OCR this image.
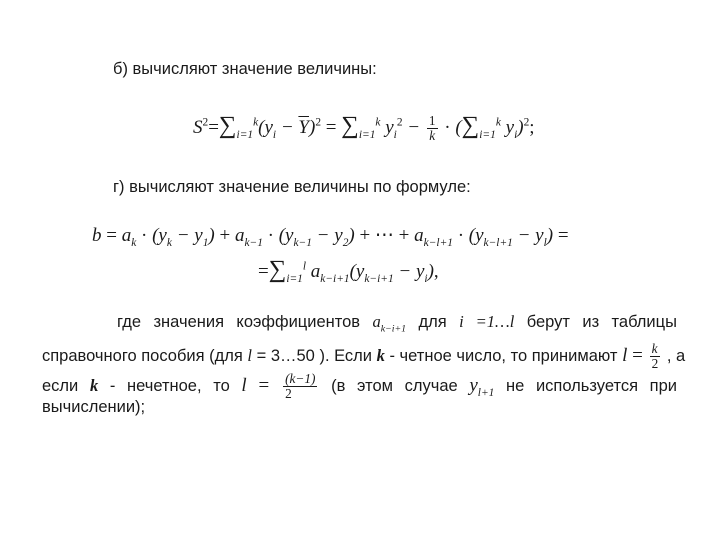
б) вычисляют значение величины:
$S^2=\sum_{i=1}^k(y_i - \overline{Y})^2 = \sum_{i=1}^k$ $y_i^2 - \frac{1}{k} \cdot (\sum_{i=1}^k$ $y_i)^2$;
г) вычисляют значение величины по формуле:
$b = a_k \cdot (y_k - y_1) + a_{k-1} \cdot (y_{k-1} - y_2)$ + ⋯ + $a_{k-l+1} \cdot (y_{k-l+1} - y_l)$ =
$=\sum_{i=1}^l$ $a_{k-i+1}(y_{k-i+1} - y_i)$,
где значения коэффициентов $a_{k-i+1}$ для i =1…l берут из таблицы
справочного пособия (для l = 3…50 ). Если k - четное число, то принимают $l = \frac{k}{2}$ , а
если k - нечетное, то $l = \frac{(k-1)}{2} (в$ этом случае $y_{l+1}$ не используется при
вычислении);
